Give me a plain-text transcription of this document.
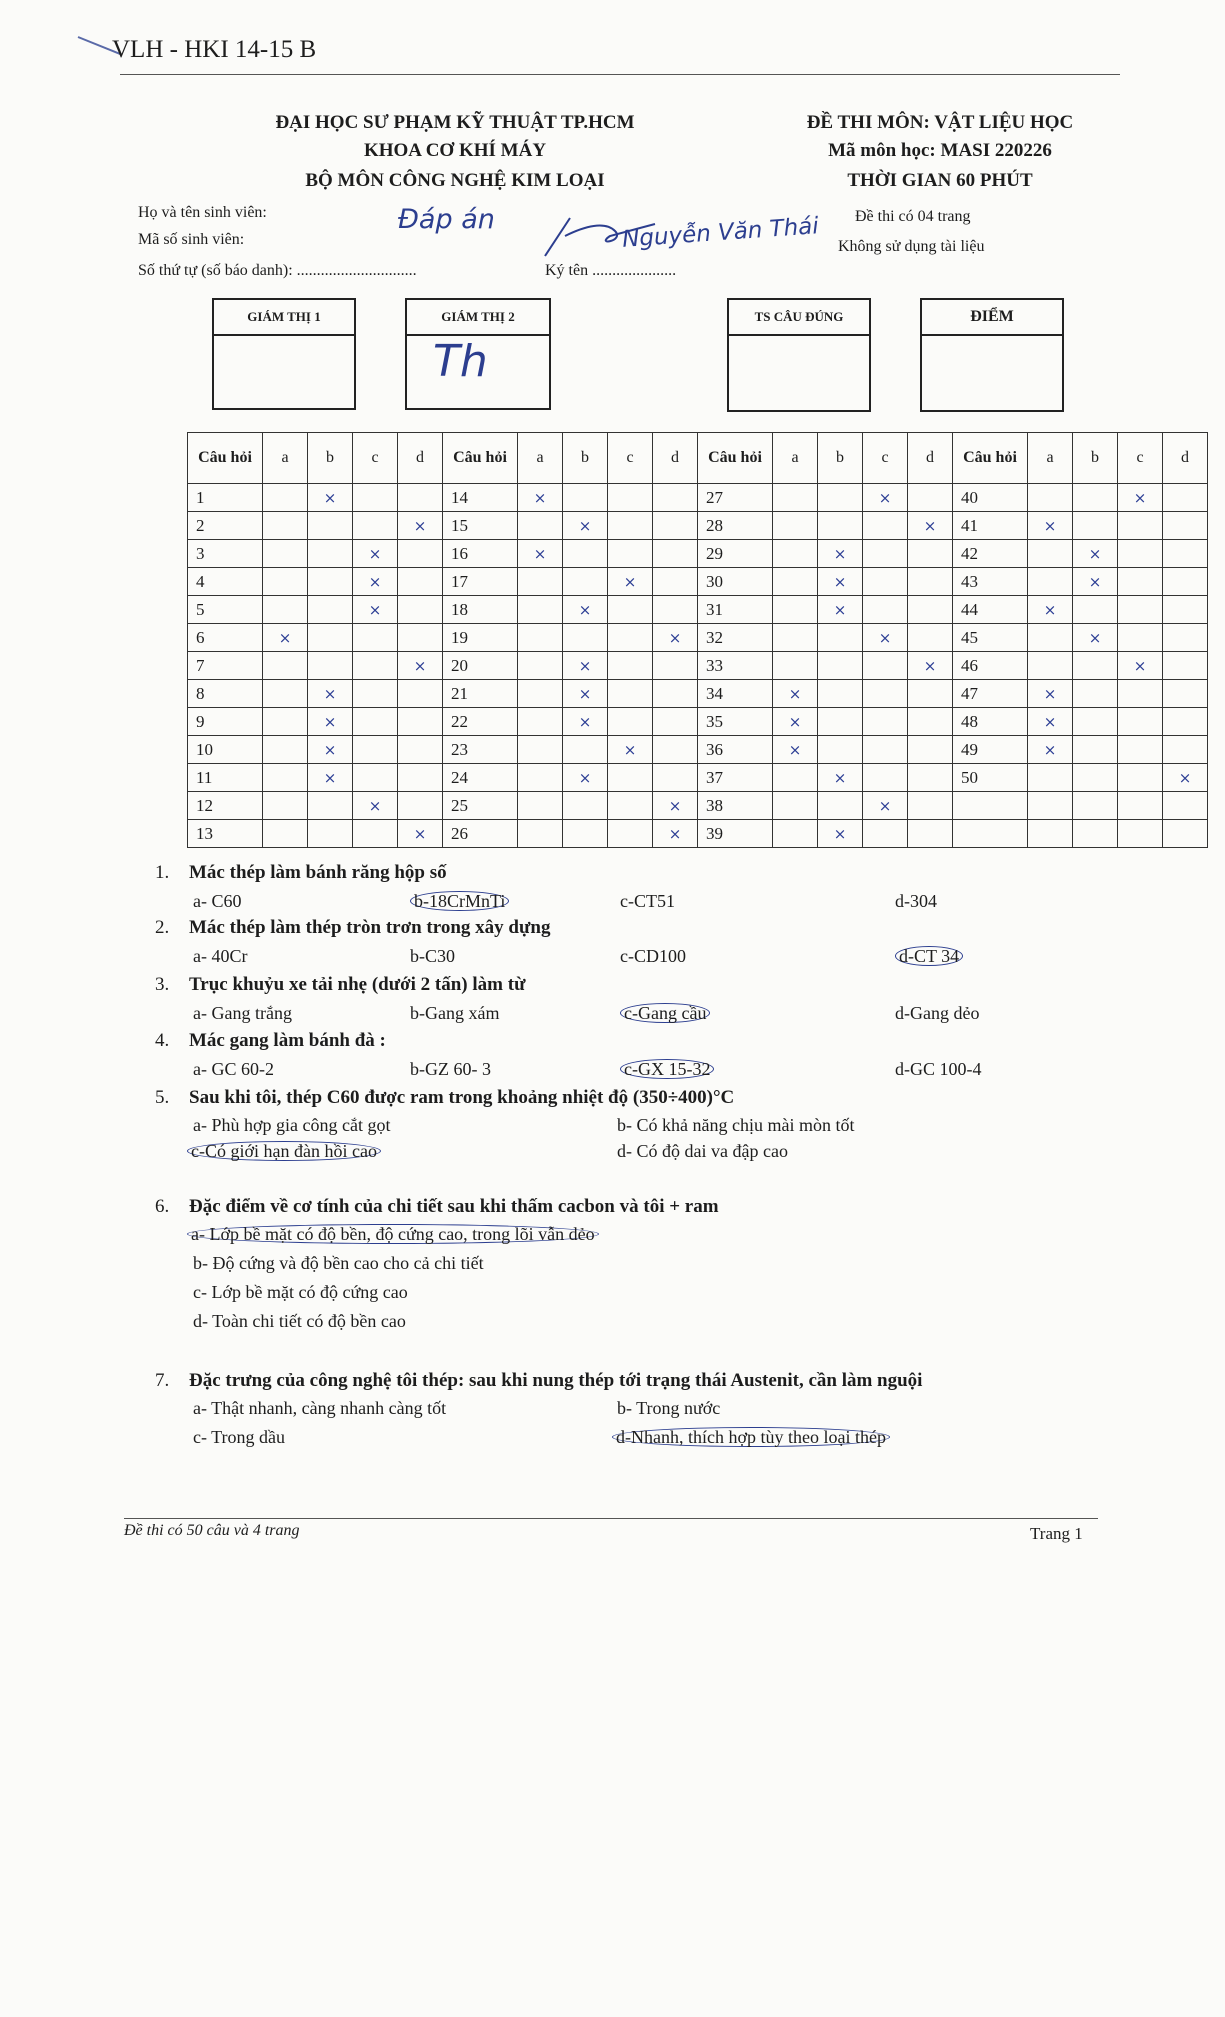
VLH - HKI 14-15 B
ĐẠI HỌC SƯ PHẠM KỸ THUẬT TP.HCM
KHOA CƠ KHÍ MÁY
BỘ MÔN CÔNG NGHỆ KIM LOẠI
ĐỀ THI MÔN: VẬT LIỆU HỌC
Mã môn học: MASI 220226
THỜI GIAN 60 PHÚT
Họ và tên sinh viên:
Mã số sinh viên:
Số thứ tự (số báo danh): ..............................	Ký tên .....................
Đề thi có 04 trang
Không sử dụng tài liệu
Đáp án	Nguyễn Văn Thái
GIÁM THỊ 1	GIÁM THỊ 2
Th
TS CÂU ĐÚNG	ĐIỂM
Câu hỏi	a	b	c	d	Câu hỏi	a	b	c	d	Câu hỏi	a	b	c	d	Câu hỏi	a	b	c	d
1		×			14	×				27			×		40			×	
2				×	15		×			28				×	41	×			
3			×		16	×				29		×			42		×		
4			×		17			×		30		×			43		×		
5			×		18		×			31		×			44	×			
6	×				19				×	32			×		45		×		
7				×	20		×			33				×	46			×	
8		×			21		×			34	×				47	×			
9		×			22		×			35	×				48	×			
10		×			23			×		36	×				49	×			
11		×			24		×			37		×			50				×
12			×		25				×	38			×						
13				×	26				×	39		×							
1. Mác thép làm bánh răng hộp số
a- C60	b-18CrMnTi	c-CT51	d-304
2. Mác thép làm thép tròn trơn trong xây dựng
a- 40Cr	b-C30	c-CD100	d-CT 34
3. Trục khuỷu xe tải nhẹ (dưới 2 tấn) làm từ
a- Gang trắng	b-Gang xám	c-Gang cầu	d-Gang dẻo
4. Mác gang làm bánh đà :
a- GC 60-2	b-GZ 60- 3	c-GX 15-32	d-GC 100-4
5. Sau khi tôi, thép C60 được ram trong khoảng nhiệt độ (350÷400)°C
a- Phù hợp gia công cắt gọt	b- Có khả năng chịu mài mòn tốt
c-Có giới hạn đàn hồi cao	d- Có độ dai va đập cao
6. Đặc điểm về cơ tính của chi tiết sau khi thấm cacbon và tôi + ram
a- Lớp bề mặt có độ bền, độ cứng cao, trong lõi vẫn dẻo
b- Độ cứng và độ bền cao cho cả chi tiết
c- Lớp bề mặt có độ cứng cao
d- Toàn chi tiết có độ bền cao
7. Đặc trưng của công nghệ tôi thép: sau khi nung thép tới trạng thái Austenit, cần làm nguội
a- Thật nhanh, càng nhanh càng tốt	b- Trong nước
c- Trong dầu	d-Nhanh, thích hợp tùy theo loại thép
Đề thi có 50 câu và 4 trang	Trang 1
